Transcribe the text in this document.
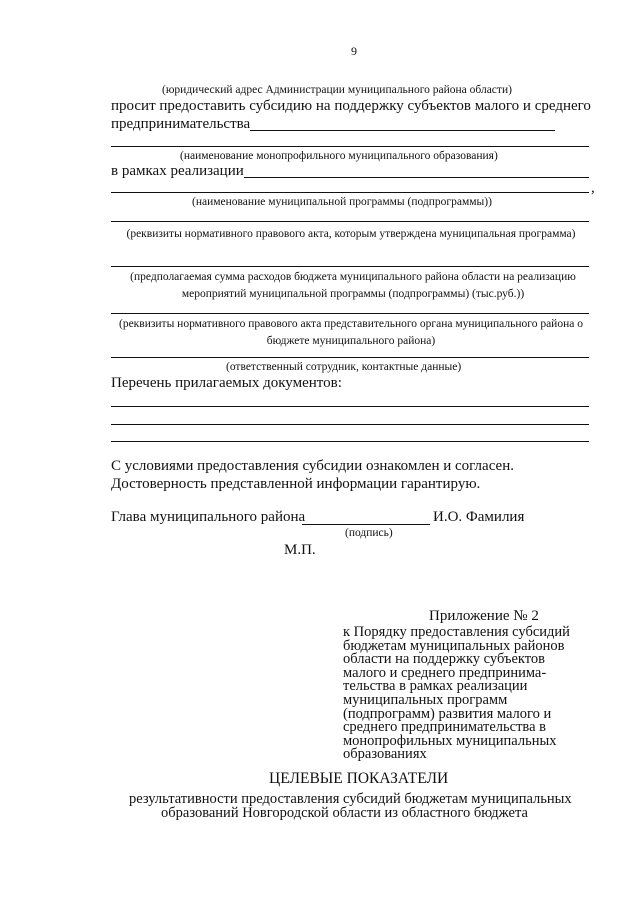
9
(юридический адрес Администрации муниципального района области)
просит предоставить субсидию на поддержку субъектов малого и среднего
предпринимательства
(наименование монопрофильного муниципального образования)
в рамках реализации
,
(наименование муниципальной программы (подпрограммы))
(реквизиты нормативного правового акта, которым утверждена муниципальная программа)
(предполагаемая сумма расходов бюджета муниципального района области на реализацию мероприятий муниципальной программы (подпрограммы) (тыс.руб.))
(реквизиты нормативного правового акта представительного органа муниципального района о бюджете муниципального района)
(ответственный сотрудник, контактные данные)
Перечень прилагаемых документов:
С условиями предоставления субсидии ознакомлен и согласен.
Достоверность представленной информации гарантирую.
Глава муниципального района	И.О. Фамилия
(подпись)
М.П.
Приложение № 2
к Порядку предоставления субсидий
бюджетам муниципальных районов
области на поддержку субъектов
малого и среднего предпринима-
тельства в рамках реализации
муниципальных программ
(подпрограмм) развития малого и
среднего предпринимательства в
монопрофильных муниципальных
образованиях
ЦЕЛЕВЫЕ ПОКАЗАТЕЛИ
результативности предоставления субсидий бюджетам муниципальных
образований Новгородской области из областного бюджета
